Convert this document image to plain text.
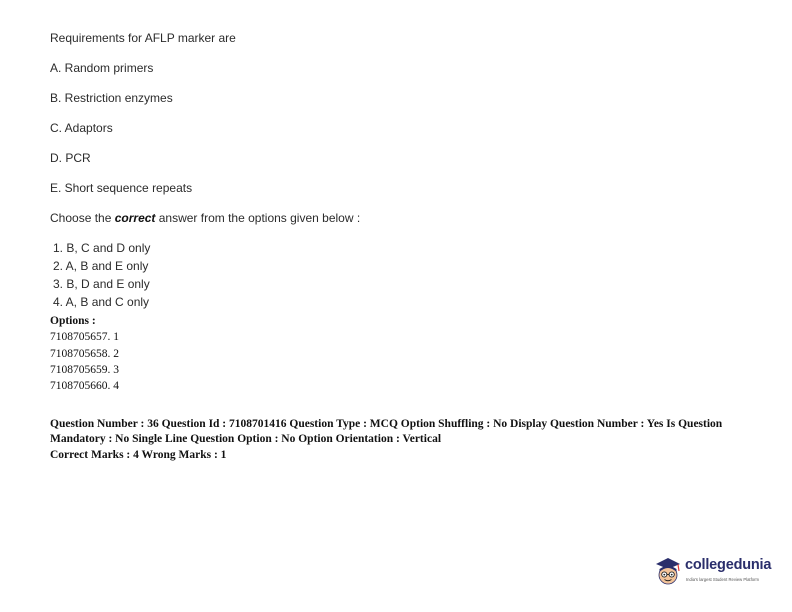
Requirements for AFLP marker are
A. Random primers
B. Restriction enzymes
C. Adaptors
D. PCR
E. Short sequence repeats
Choose the correct answer from the options given below :
1. B, C and D only
2. A, B and E only
3. B, D and E only
4. A, B and C only
Options :
7108705657. 1
7108705658. 2
7108705659. 3
7108705660. 4
Question Number : 36 Question Id : 7108701416 Question Type : MCQ Option Shuffling : No Display Question Number : Yes Is Question Mandatory : No Single Line Question Option : No Option Orientation : Vertical
Correct Marks : 4 Wrong Marks : 1
collegedunia
India's largest Student Review Platform
